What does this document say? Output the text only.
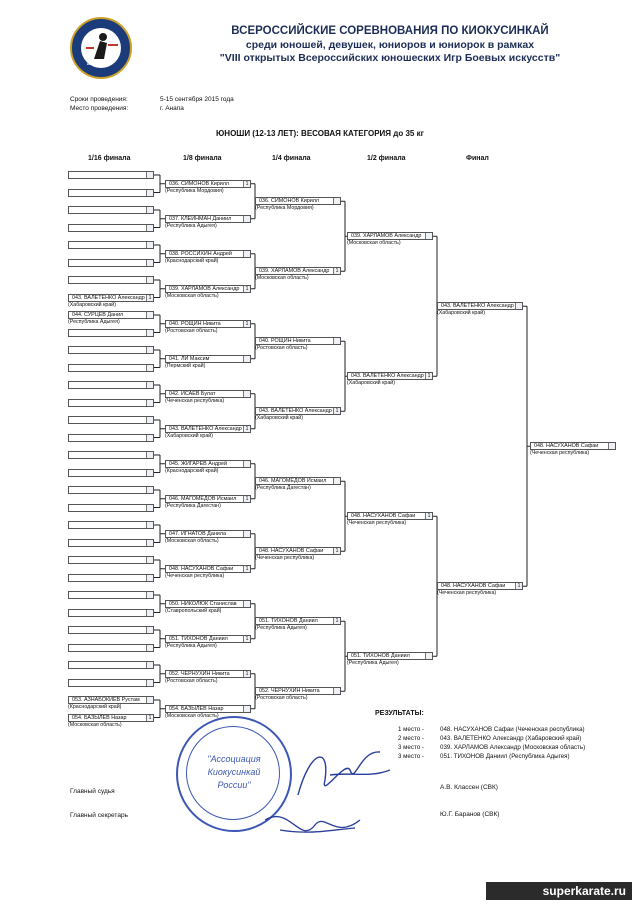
АНАПА 2014
ВСЕРОССИЙСКИЕ СОРЕВНОВАНИЯ ПО КИОКУСИНКАЙ
среди юношей, девушек, юниоров и юниорок в рамках
"VIII открытых Всероссийских юношеских Игр Боевых искусств"
Сроки проведения:	5-15 сентября 2015 года
Место проведения:	г. Анапа
ЮНОШИ (12-13 ЛЕТ): ВЕСОВАЯ КАТЕГОРИЯ до 35 кг
1/16 финала	1/8 финала	1/4 финала	1/2 финала	Финал
043. ВАЛЕТЕНКО Александр 1
(Хабаровский край)
044. СУРЦЕВ Данил
(Республика Адыгея)
053. АЗНАБОКИЕВ Рустам
(Краснодарский край)
054. БАЗЫЛЕВ Назар	1
(Московская область)
(Республика Мордовия)
036. СИМОНОВ Кирилл	1
(Республика Адыгея)
037. КЛЕЙНМАН Даниил
(Краснодарский край)
038. РОССИХИН Андрей
(Московская область)
039. ХАРЛАМОВ Александр	1
(Ростовская область)
040. РОЩИН Никита	1
(Пермский край)
041. ЛИ Максим
(Чеченская республика)
042. ИСАЕВ Булат
(Хабаровский край)
043. ВАЛЕТЕНКО Александр 1
(Краснодарский край)
045. ЖИГАРЕВ Андрей
(Республика Дагестан)
046. МАГОМЕДОВ Исмаил	1
(Московская область)
047. ИГНАТОВ Данила
(Чеченская республика)
048. НАСУХАНОВ Сафаи	1
(Ставропольский край)
050. НИКОЛЮК Станислав
(Республика Адыгея)
051. ТИХОНОВ Даниил	1
(Ростовская область)
052. ЧЕРНУХИН Никита	1
(Московская область)
054. БАЗЫЛЕВ Назар
(Республика Мордовия)
036. СИМОНОВ Кирилл
(Московская область)
039. ХАРЛАМОВ Александр	1
(Ростовская область)
040. РОЩИН Никита
(Хабаровский край)
043. ВАЛЕТЕНКО Александр 1
(Республика Дагестан)
046. МАГОМЕДОВ Исмаил
(Чеченская республика)
048. НАСУХАНОВ Сафаи	1
(Республика Адыгея)
051. ТИХОНОВ Даниил	1
(Ростовская область)
052. ЧЕРНУХИН Никита
(Московская область)
039. ХАРЛАМОВ Александр
(Хабаровский край)
043. ВАЛЕТЕНКО Александр 1
(Чеченская республика)
048. НАСУХАНОВ Сафаи	1
(Республика Адыгея)
051. ТИХОНОВ Даниил
(Хабаровский край)
043. ВАЛЕТЕНКО Александр
(Чеченская республика)
048. НАСУХАНОВ Сафаи	1
048. НАСУХАНОВ Сафаи
(Чеченская республика)
РЕЗУЛЬТАТЫ:
1 место -	048. НАСУХАНОВ Сафаи (Чеченская республика)
2 место -	043. ВАЛЕТЕНКО Александр (Хабаровский край)
3 место -	039. ХАРЛАМОВ Александр (Московская область)
3 место -	051. ТИХОНОВ Даниил (Республика Адыгея)
Главный судья
А.В. Классен (СВК)
Главный секретарь	Ю.Г. Баранов (СВК)
"Ассоциация
Киокусинкай
России"
superkarate.ru
